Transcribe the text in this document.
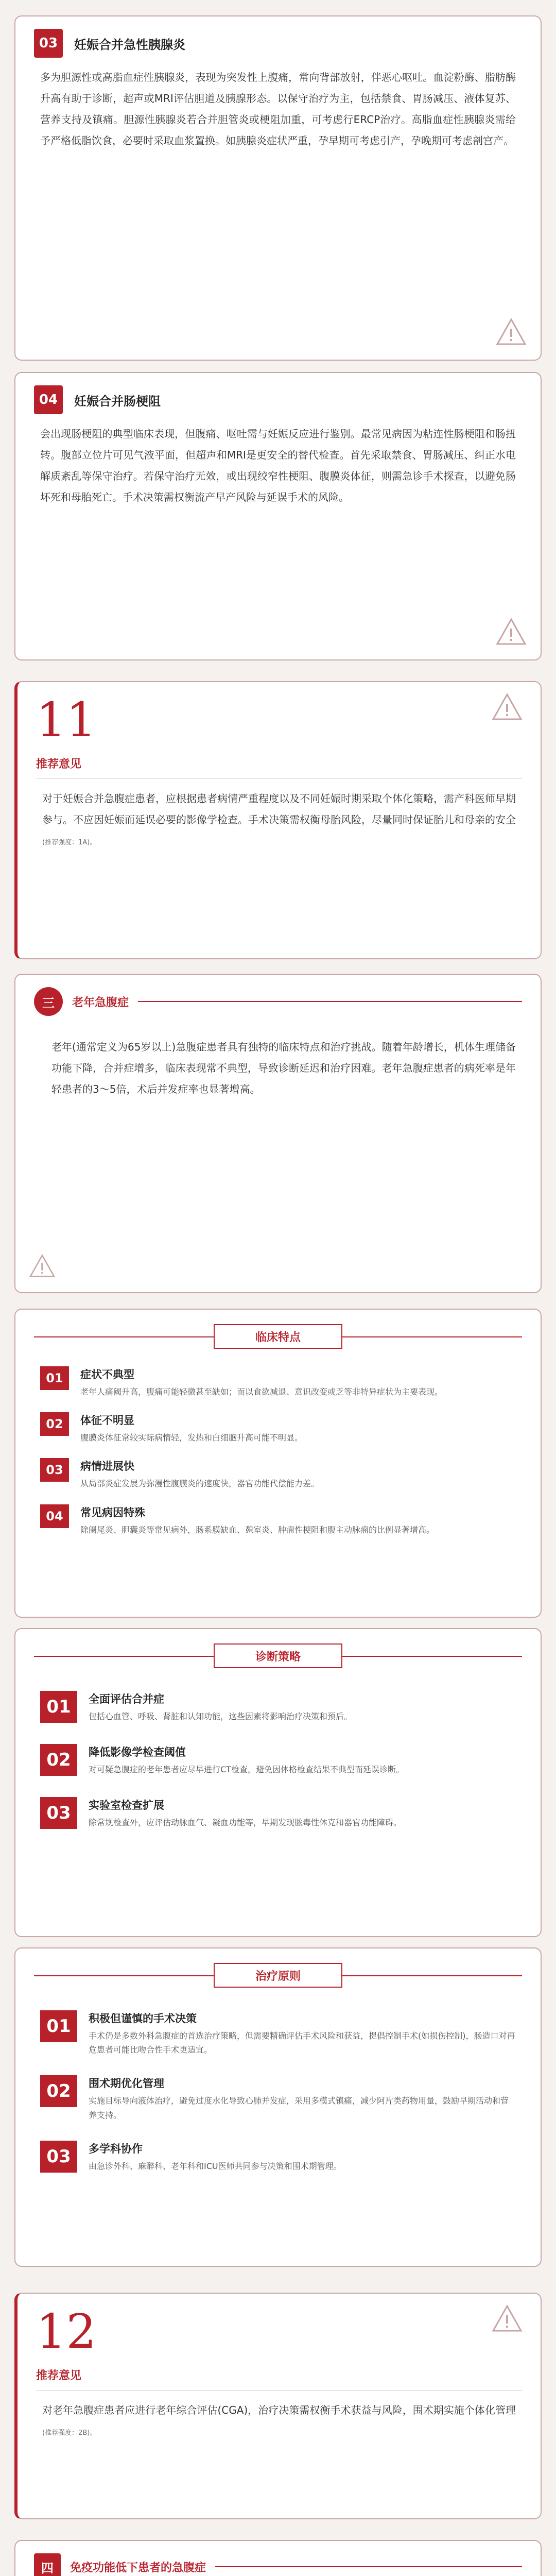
03	妊娠合并急性胰腺炎
多为胆源性或高脂血症性胰腺炎，表现为突发性上腹痛，常向背部放射，伴恶心呕吐。血淀粉酶、脂肪酶升高有助于诊断，超声或MRI评估胆道及胰腺形态。以保守治疗为主，包括禁食、胃肠减压、液体复苏、营养支持及镇痛。胆源性胰腺炎若合并胆管炎或梗阻加重，可考虑行ERCP治疗。高脂血症性胰腺炎需给予严格低脂饮食，必要时采取血浆置换。如胰腺炎症状严重，孕早期可考虑引产，孕晚期可考虑剖宫产。
04	妊娠合并肠梗阻
会出现肠梗阻的典型临床表现，但腹痛、呕吐需与妊娠反应进行鉴别。最常见病因为粘连性肠梗阻和肠扭转。腹部立位片可见气液平面，但超声和MRI是更安全的替代检查。首先采取禁食、胃肠减压、纠正水电解质紊乱等保守治疗。若保守治疗无效，或出现绞窄性梗阻、腹膜炎体征，则需急诊手术探查，以避免肠坏死和母胎死亡。手术决策需权衡流产早产风险与延误手术的风险。
11
推荐意见
对于妊娠合并急腹症患者，应根据患者病情严重程度以及不同妊娠时期采取个体化策略，需产科医师早期参与。不应因妊娠而延误必要的影像学检查。手术决策需权衡母胎风险，尽量同时保证胎儿和母亲的安全(推荐强度：1A)。
三	老年急腹症
老年(通常定义为65岁以上)急腹症患者具有独特的临床特点和治疗挑战。随着年龄增长，机体生理储备功能下降，合并症增多，临床表现常不典型，导致诊断延迟和治疗困难。老年急腹症患者的病死率是年轻患者的3～5倍，术后并发症率也显著增高。
临床特点
01	症状不典型
老年人痛阈升高，腹痛可能轻微甚至缺如；而以食欲减退、意识改变或乏等非特异症状为主要表现。
02	体征不明显
腹膜炎体征常较实际病情轻，发热和白细胞升高可能不明显。
03	病情进展快
从局部炎症发展为弥漫性腹膜炎的速度快，器官功能代偿能力差。
04	常见病因特殊
除阑尾炎、胆囊炎等常见病外，肠系膜缺血、憩室炎、肿瘤性梗阻和腹主动脉瘤的比例显著增高。
诊断策略
01	全面评估合并症
包括心血管、呼吸、肾脏和认知功能，这些因素将影响治疗决策和预后。
02	降低影像学检查阈值
对可疑急腹症的老年患者应尽早进行CT检查，避免因体格检查结果不典型而延误诊断。
03	实验室检查扩展
除常规检查外，应评估动脉血气、凝血功能等，早期发现脓毒性休克和器官功能障碍。
治疗原则
01	积极但谨慎的手术决策
手术仍是多数外科急腹症的首选治疗策略，但需要精确评估手术风险和获益，提倡控制手术(如损伤控制)，肠造口对再危患者可能比吻合性手术更适宜。
02	围术期优化管理
实施目标导向液体治疗，避免过度水化导致心肺并发症，采用多模式镇痛，减少阿片类药物用量，鼓励早期活动和营养支持。
03	多学科协作
由急诊外科、麻醉科、老年科和ICU医师共同参与决策和围术期管理。
12
推荐意见
对老年急腹症患者应进行老年综合评估(CGA)，治疗决策需权衡手术获益与风险，围术期实施个体化管理(推荐强度：2B)。
四	免疫功能低下患者的急腹症
